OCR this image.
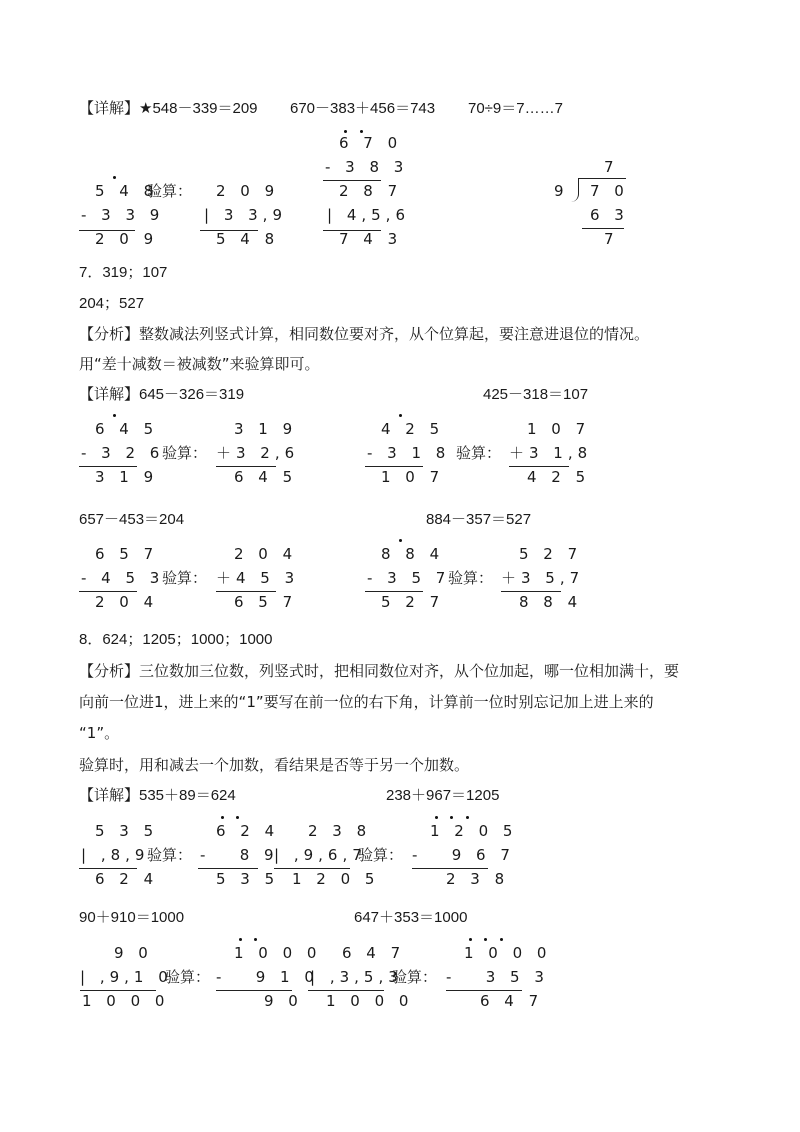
【详解】★548－339＝209 670－383＋456＝743 70÷9＝7……7
5 4 8
- 3 3 9
2 0 9
验算： 2 0 9
| 3 3,9
5 4 8
6 7 0
- 3 8 3
2 8 7
| 4,5,6
7 4 3
7
9 7 0
6 3
7
7．319；107
204；527
【分析】整数减法列竖式计算，相同数位要对齐，从个位算起，要注意进退位的情况。
用“差十减数＝被减数”来验算即可。
【详解】645－326＝319	425－318＝107
6 4 5
- 3 2 6
3 1 9
验算：
3 1 9
＋3 2,6
6 4 5
4 2 5
- 3 1 8
1 0 7
验算：
1 0 7
＋3 1,8
4 2 5
657－453＝204	884－357＝527
6 5 7
- 4 5 3
2 0 4
验算：
2 0 4
＋4 5 3
6 5 7
8 8 4
- 3 5 7
5 2 7
验算：
5 2 7
＋3 5,7
8 8 4
8．624；1205；1000；1000
【分析】三位数加三位数，列竖式时，把相同数位对齐，从个位加起，哪一位相加满十，要
向前一位进1，进上来的“1”要写在前一位的右下角，计算前一位时别忘记加上进上来的
“1”。
验算时，用和减去一个加数，看结果是否等于另一个加数。
【详解】535＋89＝624	238＋967＝1205
5 3 5
| ,8,9
6 2 4
验算：
6 2 4
-   8 9
5 3 5
2 3 8
| ,9,6,7
1 2 0 5
验算：
1 2 0 5
-   9 6 7
2 3 8
90＋910＝1000	647＋353＝1000
9 0
| ,9,1 0
1 0 0 0
验算：
1 0 0 0
-   9 1 0
9 0
6 4 7
| ,3,5,3
1 0 0 0
验算：
1 0 0 0
-   3 5 3
6 4 7
